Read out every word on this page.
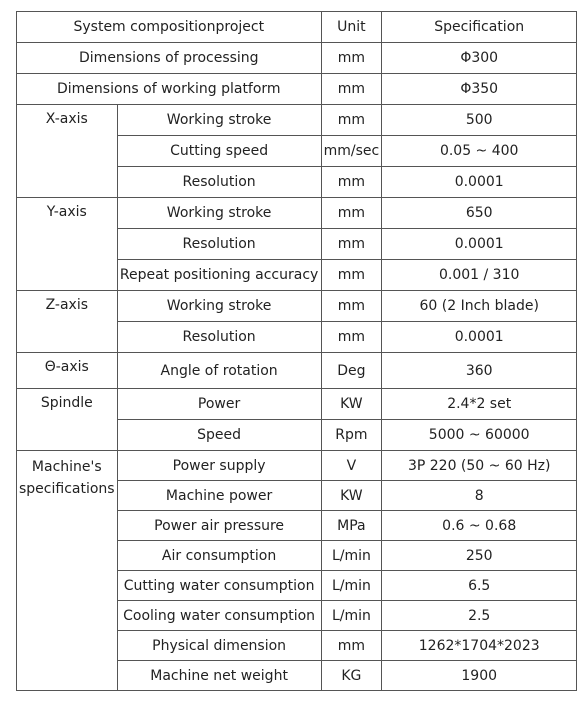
System compositionproject		Unit	Specification
Dimensions of processing		mm	Φ300
Dimensions of working platform		mm	Φ350
X-axis	Working stroke	mm	500
	Cutting speed	mm/sec	0.05 ~ 400
	Resolution	mm	0.0001
Y-axis	Working stroke	mm	650
	Resolution	mm	0.0001
	Repeat positioning accuracy	mm	0.001 / 310
Z-axis	Working stroke	mm	60 (2 Inch blade)
	Resolution	mm	0.0001
Θ-axis	Angle of rotation	Deg	360
Spindle	Power	KW	2.4*2 set
	Speed	Rpm	5000 ~ 60000

Machine's
specifications	Power supply	V	3P 220 (50 ~ 60 Hz)
	Machine power	KW	8
	Power air pressure	MPa	0.6 ~ 0.68
	Air consumption	L/min	250
	Cutting water consumption	L/min	6.5
	Cooling water consumption	L/min	2.5
	Physical dimension	mm	1262*1704*2023
	Machine net weight	KG	1900
